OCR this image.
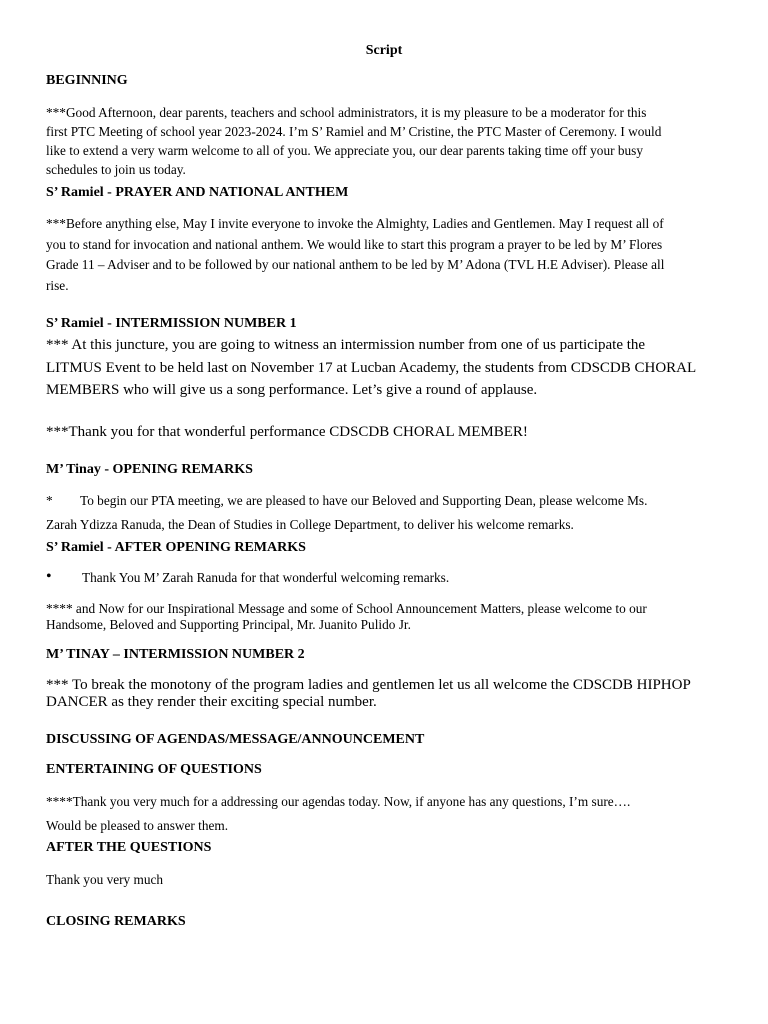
Script
BEGINNING
***Good Afternoon, dear parents, teachers and school administrators, it is my pleasure to be a moderator for this
first PTC Meeting of school year 2023-2024. I’m S’ Ramiel and M’ Cristine, the PTC Master of Ceremony. I would
like to extend a very warm welcome to all of you. We appreciate you, our dear parents taking time off your busy
schedules to join us today.
S’ Ramiel - PRAYER AND NATIONAL ANTHEM
***Before anything else, May I invite everyone to invoke the Almighty, Ladies and Gentlemen. May I request all of
you to stand for invocation and national anthem. We would like to start this program a prayer to be led by M’ Flores
Grade 11 – Adviser and to be followed by our national anthem to be led by M’ Adona (TVL H.E Adviser). Please all
rise.
S’ Ramiel - INTERMISSION NUMBER 1
*** At this juncture, you are going to witness an intermission number from one of us participate the
LITMUS Event to be held last on November 17 at Lucban Academy, the students from CDSCDB CHORAL
MEMBERS who will give us a song performance. Let’s give a round of applause.
***Thank you for that wonderful performance CDSCDB CHORAL MEMBER!
M’ Tinay - OPENING REMARKS
* To begin our PTA meeting, we are pleased to have our Beloved and Supporting Dean, please welcome Ms.
Zarah Ydizza Ranuda, the Dean of Studies in College Department, to deliver his welcome remarks.
S’ Ramiel - AFTER OPENING REMARKS
• Thank You M’ Zarah Ranuda for that wonderful welcoming remarks.
**** and Now for our Inspirational Message and some of School Announcement Matters, please welcome to our
Handsome, Beloved and Supporting Principal, Mr. Juanito Pulido Jr.
M’ TINAY – INTERMISSION NUMBER 2
*** To break the monotony of the program ladies and gentlemen let us all welcome the CDSCDB HIPHOP
DANCER as they render their exciting special number.
DISCUSSING OF AGENDAS/MESSAGE/ANNOUNCEMENT
ENTERTAINING OF QUESTIONS
****Thank you very much for a addressing our agendas today. Now, if anyone has any questions, I’m sure….
Would be pleased to answer them.
AFTER THE QUESTIONS
Thank you very much
CLOSING REMARKS
